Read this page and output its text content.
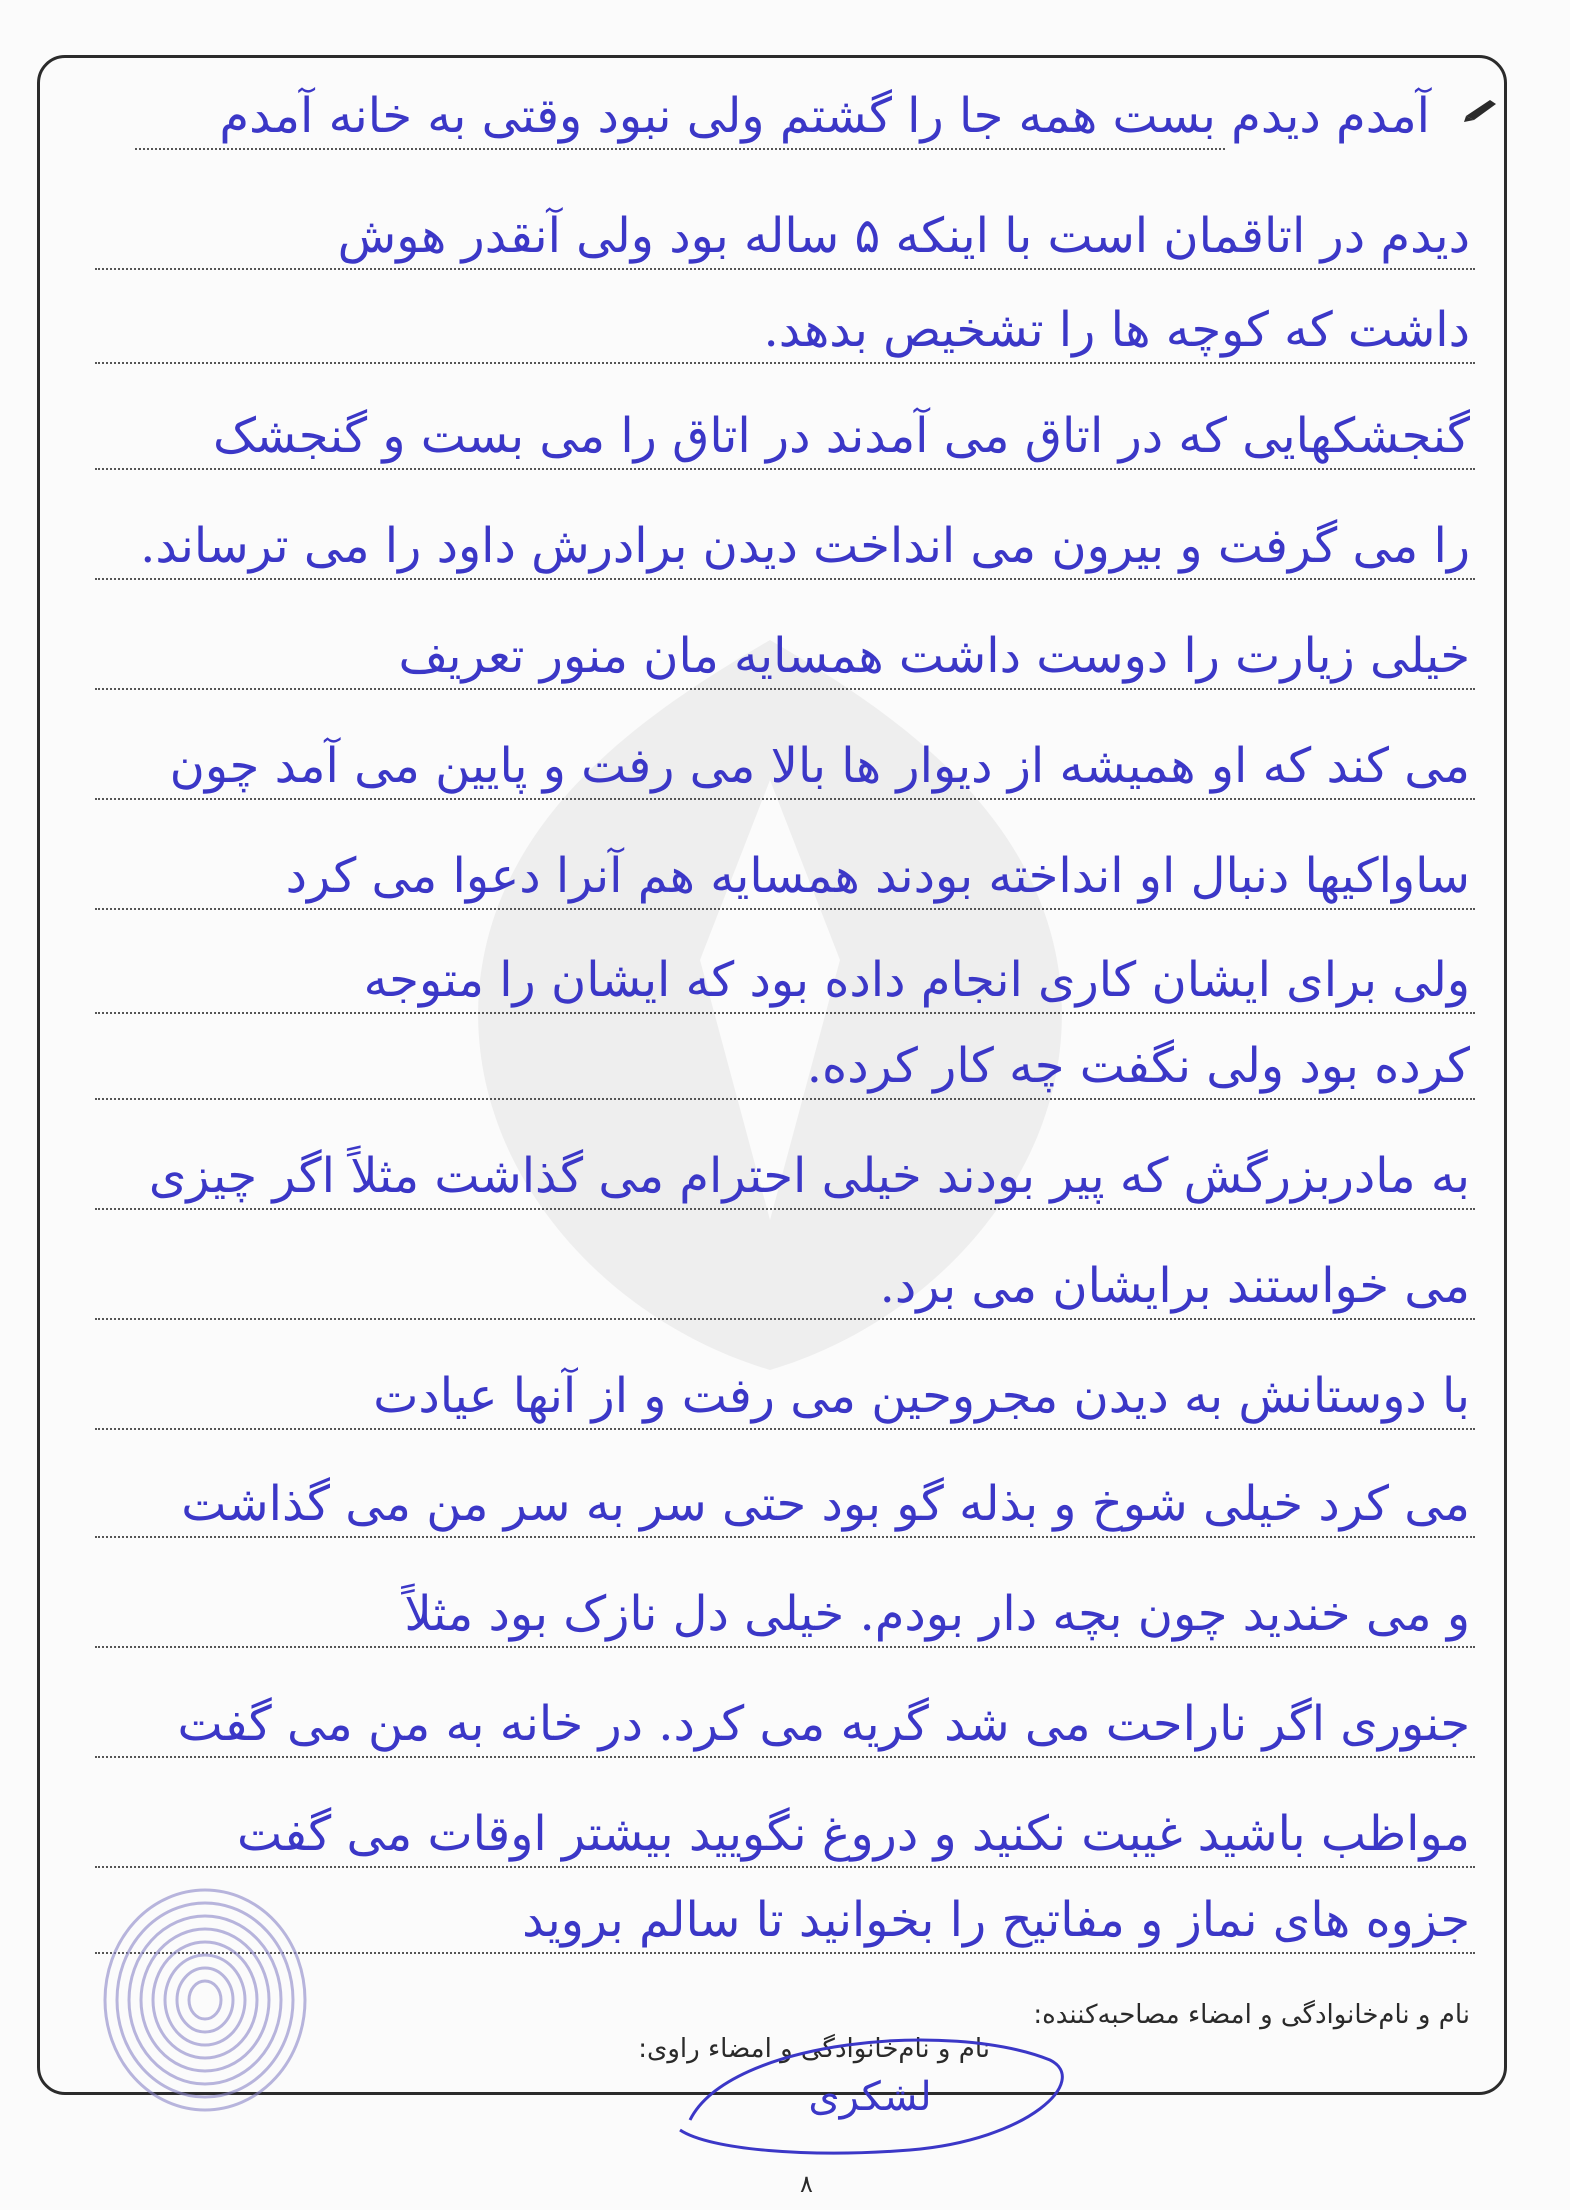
آمدم دیدم بست همه جا را گشتم ولی نبود وقتی به خانه آمدم
دیدم در اتاقمان است با اینکه ۵ ساله بود ولی آنقدر هوش
داشت که کوچه ها را تشخیص بدهد.
گنجشکهایی که در اتاق می آمدند در اتاق را می بست و گنجشک
را می گرفت و بیرون می انداخت دیدن برادرش داود را می ترساند.
خیلی زیارت را دوست داشت همسایه مان منور تعریف
می کند که او همیشه از دیوار ها بالا می رفت و پایین می آمد چون
ساواکیها دنبال او انداخته بودند همسایه هم آنرا دعوا می کرد
ولی برای ایشان کاری انجام داده بود که ایشان را متوجه
کرده بود ولی نگفت چه کار کرده.
به مادربزرگش که پیر بودند خیلی احترام می گذاشت مثلاً اگر چیزی
می خواستند برایشان می برد.
با دوستانش به دیدن مجروحین می رفت و از آنها عیادت
می کرد خیلی شوخ و بذله گو بود حتی سر به سر من می گذاشت
و می خندید چون بچه دار بودم. خیلی دل نازک بود مثلاً
جنوری اگر ناراحت می شد گریه می کرد. در خانه به من می گفت
مواظب باشید غیبت نکنید و دروغ نگویید بیشتر اوقات می گفت
جزوه های نماز و مفاتیح را بخوانید تا سالم بروید
نام و نام‌خانوادگی و امضاء مصاحبه‌کننده:
نام و نام‌خانوادگی و امضاء راوی:
لشکری
۸
